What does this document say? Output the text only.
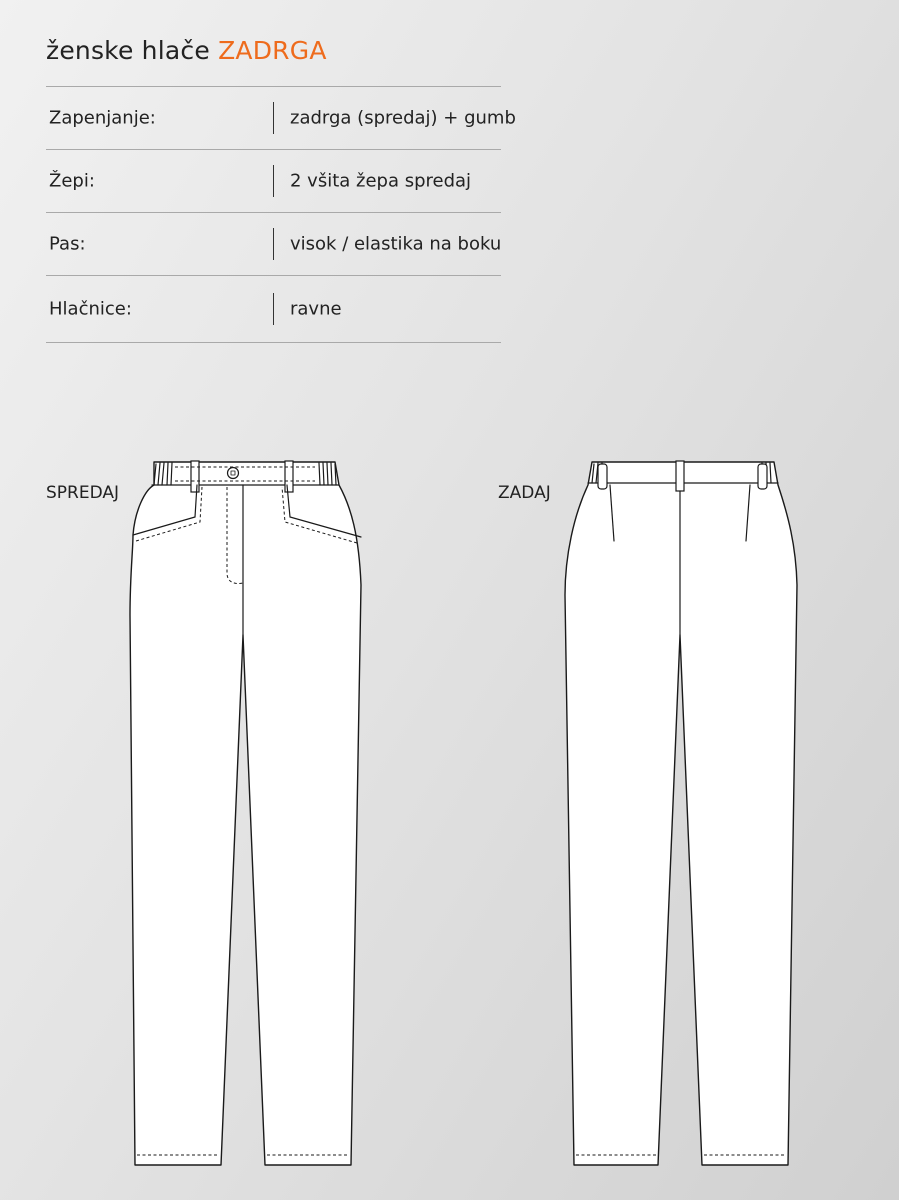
ženske hlače ZADRGA
Zapenjanje:	zadrga (spredaj) + gumb
Žepi:	2 všita žepa spredaj
Pas:	visok / elastika na boku
Hlačnice:	ravne
SPREDAJ	ZADAJ
